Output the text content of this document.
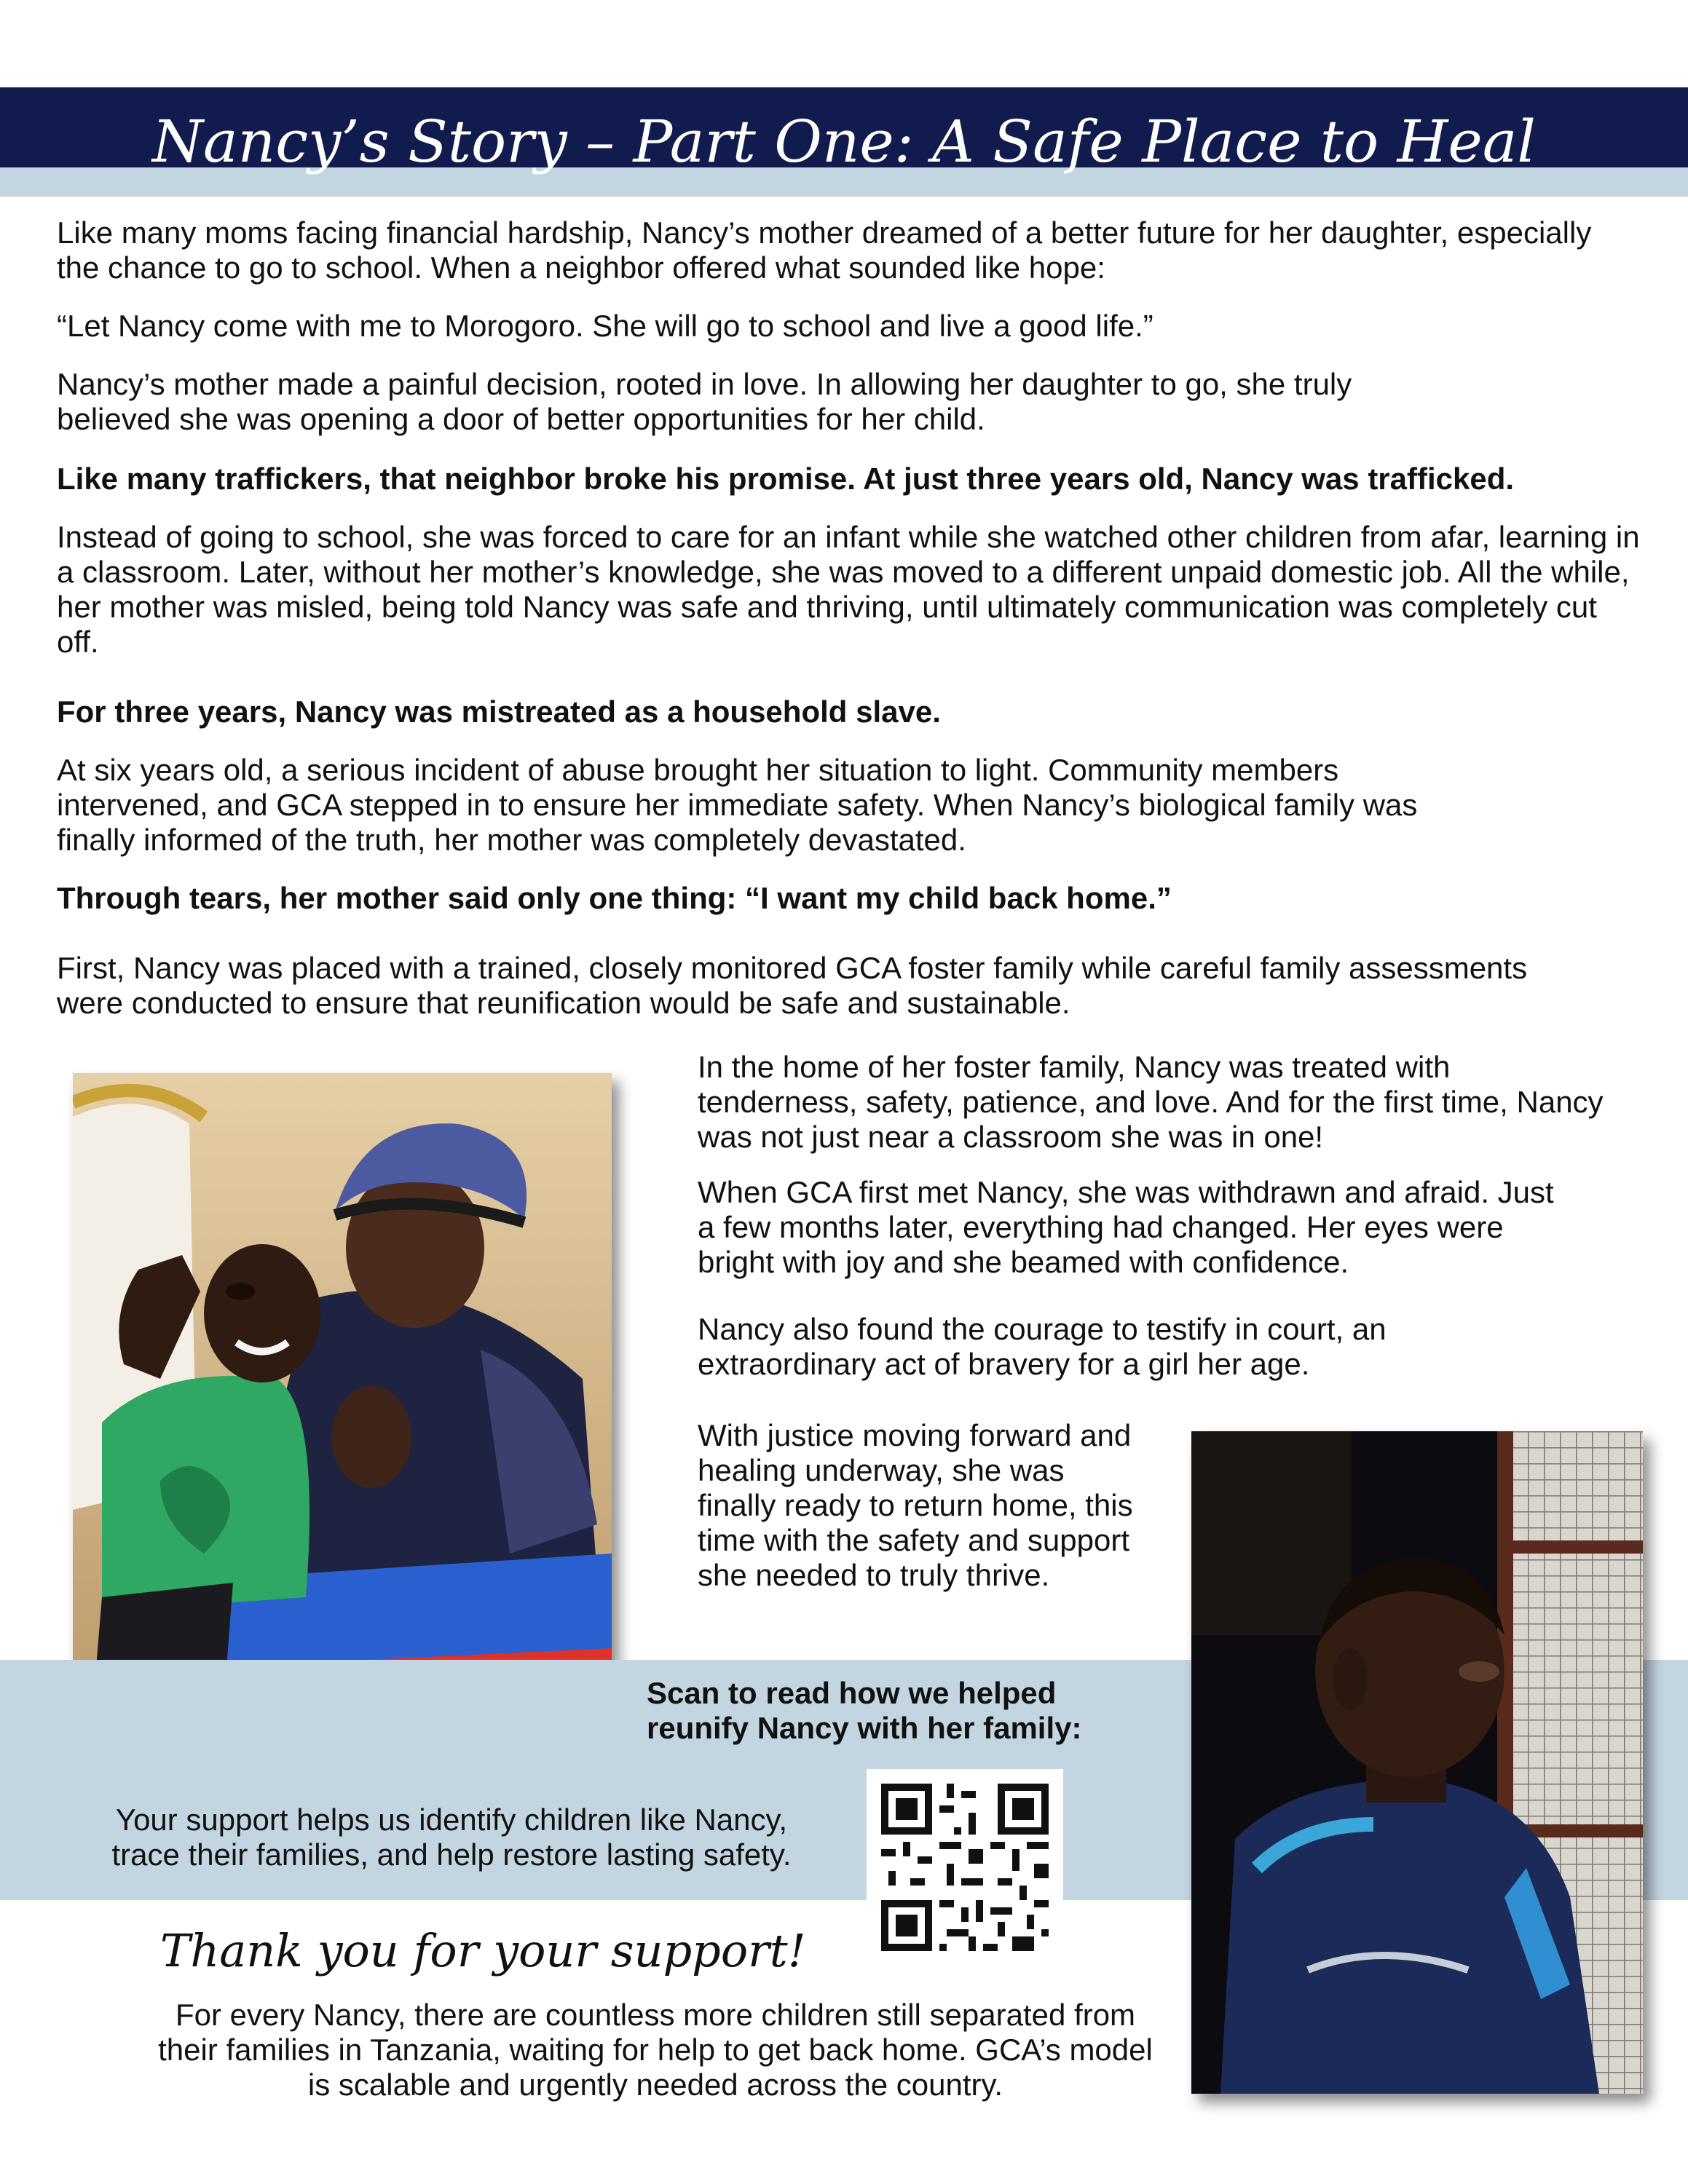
Nancy’s Story – Part One: A Safe Place to Heal

Like many moms facing financial hardship, Nancy’s mother dreamed of a better future for her daughter, especially the chance to go to school. When a neighbor offered what sounded like hope:

“Let Nancy come with me to Morogoro. She will go to school and live a good life.”

Nancy’s mother made a painful decision, rooted in love. In allowing her daughter to go, she truly believed she was opening a door of better opportunities for her child.

Like many traffickers, that neighbor broke his promise. At just three years old, Nancy was trafficked.

Instead of going to school, she was forced to care for an infant while she watched other children from afar, learning in a classroom. Later, without her mother’s knowledge, she was moved to a different unpaid domestic job. All the while, her mother was misled, being told Nancy was safe and thriving, until ultimately communication was completely cut off.

For three years, Nancy was mistreated as a household slave.

At six years old, a serious incident of abuse brought her situation to light. Community members intervened, and GCA stepped in to ensure her immediate safety. When Nancy’s biological family was finally informed of the truth, her mother was completely devastated.

Through tears, her mother said only one thing: “I want my child back home.”

First, Nancy was placed with a trained, closely monitored GCA foster family while careful family assessments were conducted to ensure that reunification would be safe and sustainable.

In the home of her foster family, Nancy was treated with tenderness, safety, patience, and love. And for the first time, Nancy was not just near a classroom she was in one!

When GCA first met Nancy, she was withdrawn and afraid. Just a few months later, everything had changed. Her eyes were bright with joy and she beamed with confidence.

Nancy also found the courage to testify in court, an extraordinary act of bravery for a girl her age.

With justice moving forward and healing underway, she was finally ready to return home, this time with the safety and support she needed to truly thrive.

Scan to read how we helped reunify Nancy with her family:

Your support helps us identify children like Nancy, trace their families, and help restore lasting safety.

Thank you for your support!

For every Nancy, there are countless more children still separated from their families in Tanzania, waiting for help to get back home. GCA’s model is scalable and urgently needed across the country.
